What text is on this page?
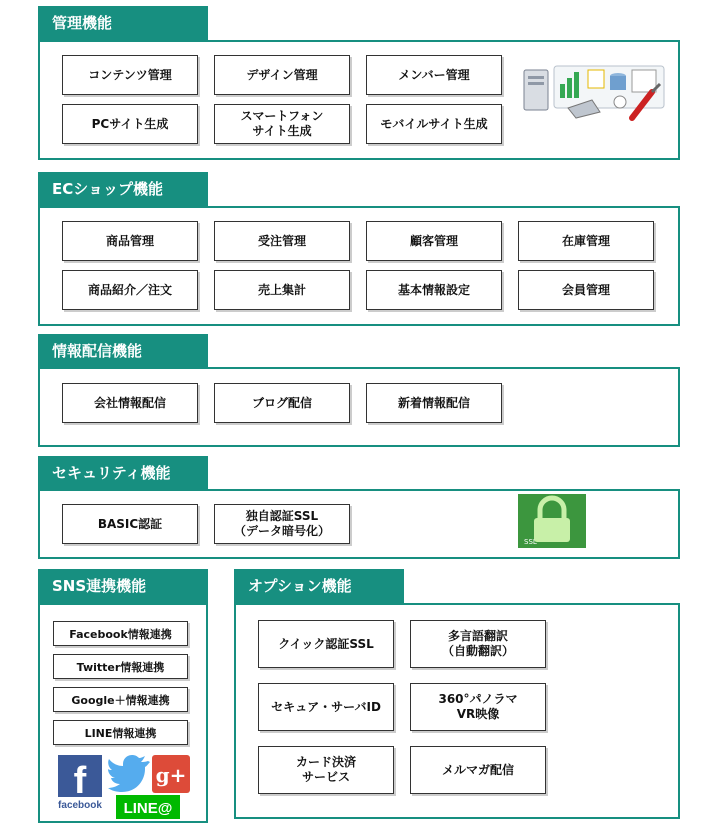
管理機能
コンテンツ管理	デザイン管理	メンバー管理
PCサイト生成
スマートフォン
サイト生成
モバイルサイト生成
ECショップ機能
商品管理	受注管理	顧客管理	在庫管理
商品紹介／注文	売上集計	基本情報設定	会員管理
情報配信機能
会社情報配信	ブログ配信	新着情報配信
セキュリティ機能
BASIC認証
独自認証SSL
（データ暗号化）
SSL
SNS連携機能
Facebook情報連携
Twitter情報連携
Google＋情報連携
LINE情報連携
f
facebook
g+
LINE@
オプション機能
クイック認証SSL
多言語翻訳
（自動翻訳）
セキュア・サーバID
360°パノラマ
VR映像
カード決済
サービス
メルマガ配信
